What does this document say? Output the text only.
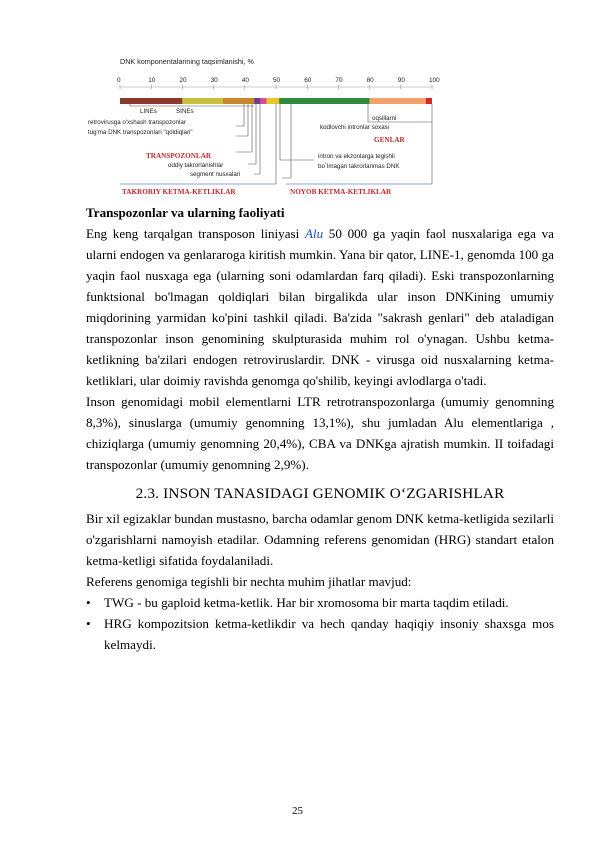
DNK komponentalarining taqsimlanishi, %
0	10	20	30	40	50	60	70	80	90	100
LINEs	SINEs
retrovirusga o'xshash transpozonlar
tug'ma DNK transpozonlari "qoldiqlari"
TRANSPOZONLAR
oddiy takrorlanishlar
segment nusxalari
oqsillarni
kodlovchi intronlar soxasi
GENLAR
intron va ekzonlarga tegishli
bo`lmagan takrorlanmas DNK
TAKRORIY KETMA-KETLIKLAR	NOYOB KETMA-KETLIKLAR

Transpozonlar va ularning faoliyati

Eng keng tarqalgan transposon liniyasi Alu 50 000 ga yaqin faol nusxalariga ega va ularni endogen va genlararoga kiritish mumkin. Yana bir qator, LINE-1, genomda 100 ga yaqin faol nusxaga ega (ularning soni odamlardan farq qiladi). Eski transpozonlarning funktsional bo'lmagan qoldiqlari bilan birgalikda ular inson DNKining umumiy miqdorining yarmidan ko'pini tashkil qiladi. Ba'zida "sakrash genlari" deb ataladigan transpozonlar inson genomining skulpturasida muhim rol o'ynagan. Ushbu ketma-ketlikning ba'zilari endogen retroviruslardir. DNK - virusga oid nusxalarning ketma-ketliklari, ular doimiy ravishda genomga qo'shilib, keyingi avlodlarga o'tadi.

Inson genomidagi mobil elementlarni LTR retrotranspozonlarga (umumiy genomning 8,3%), sinuslarga (umumiy genomning 13,1%), shu jumladan Alu elementlariga , chiziqlarga (umumiy genomning 20,4%), CBA va DNKga ajratish mumkin. II toifadagi transpozonlar (umumiy genomning 2,9%).

2.3. INSON TANASIDAGI GENOMIK O‘ZGARISHLAR

Bir xil egizaklar bundan mustasno, barcha odamlar genom DNK ketma-ketligida sezilarli o'zgarishlarni namoyish etadilar. Odamning referens genomidan (HRG) standart etalon ketma-ketligi sifatida foydalaniladi.

Referens genomiga tegishli bir nechta muhim jihatlar mavjud:

• TWG - bu gaploid ketma-ketlik. Har bir xromosoma bir marta taqdim etiladi.
• HRG kompozitsion ketma-ketlikdir va hech qanday haqiqiy insoniy shaxsga mos kelmaydi.
25
